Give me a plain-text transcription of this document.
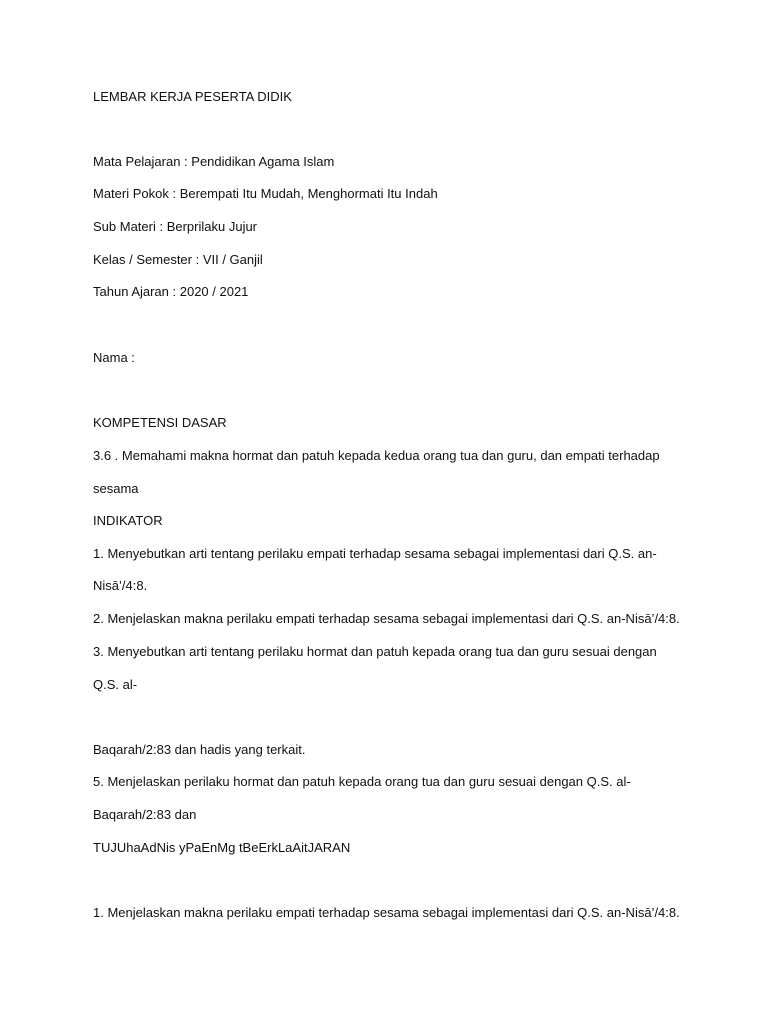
LEMBAR KERJA PESERTA DIDIK
Mata Pelajaran : Pendidikan Agama Islam
Materi Pokok : Berempati Itu Mudah, Menghormati Itu Indah
Sub Materi : Berprilaku Jujur
Kelas / Semester : VII / Ganjil
Tahun Ajaran : 2020 / 2021
Nama :
KOMPETENSI DASAR
3.6 . Memahami makna hormat dan patuh kepada kedua orang tua dan guru, dan empati terhadap
sesama
INDIKATOR
1. Menyebutkan arti tentang perilaku empati terhadap sesama sebagai implementasi dari Q.S. an-
Nisā’/4:8.
2. Menjelaskan makna perilaku empati terhadap sesama sebagai implementasi dari Q.S. an-Nisā’/4:8.
3. Menyebutkan arti tentang perilaku hormat dan patuh kepada orang tua dan guru sesuai dengan
Q.S. al-
Baqarah/2:83 dan hadis yang terkait.
5. Menjelaskan perilaku hormat dan patuh kepada orang tua dan guru sesuai dengan Q.S. al-
Baqarah/2:83 dan
TUJUhaAdNis yPaEnMg tBeErkLaAitJARAN
1. Menjelaskan makna perilaku empati terhadap sesama sebagai implementasi dari Q.S. an-Nisā’/4:8.
